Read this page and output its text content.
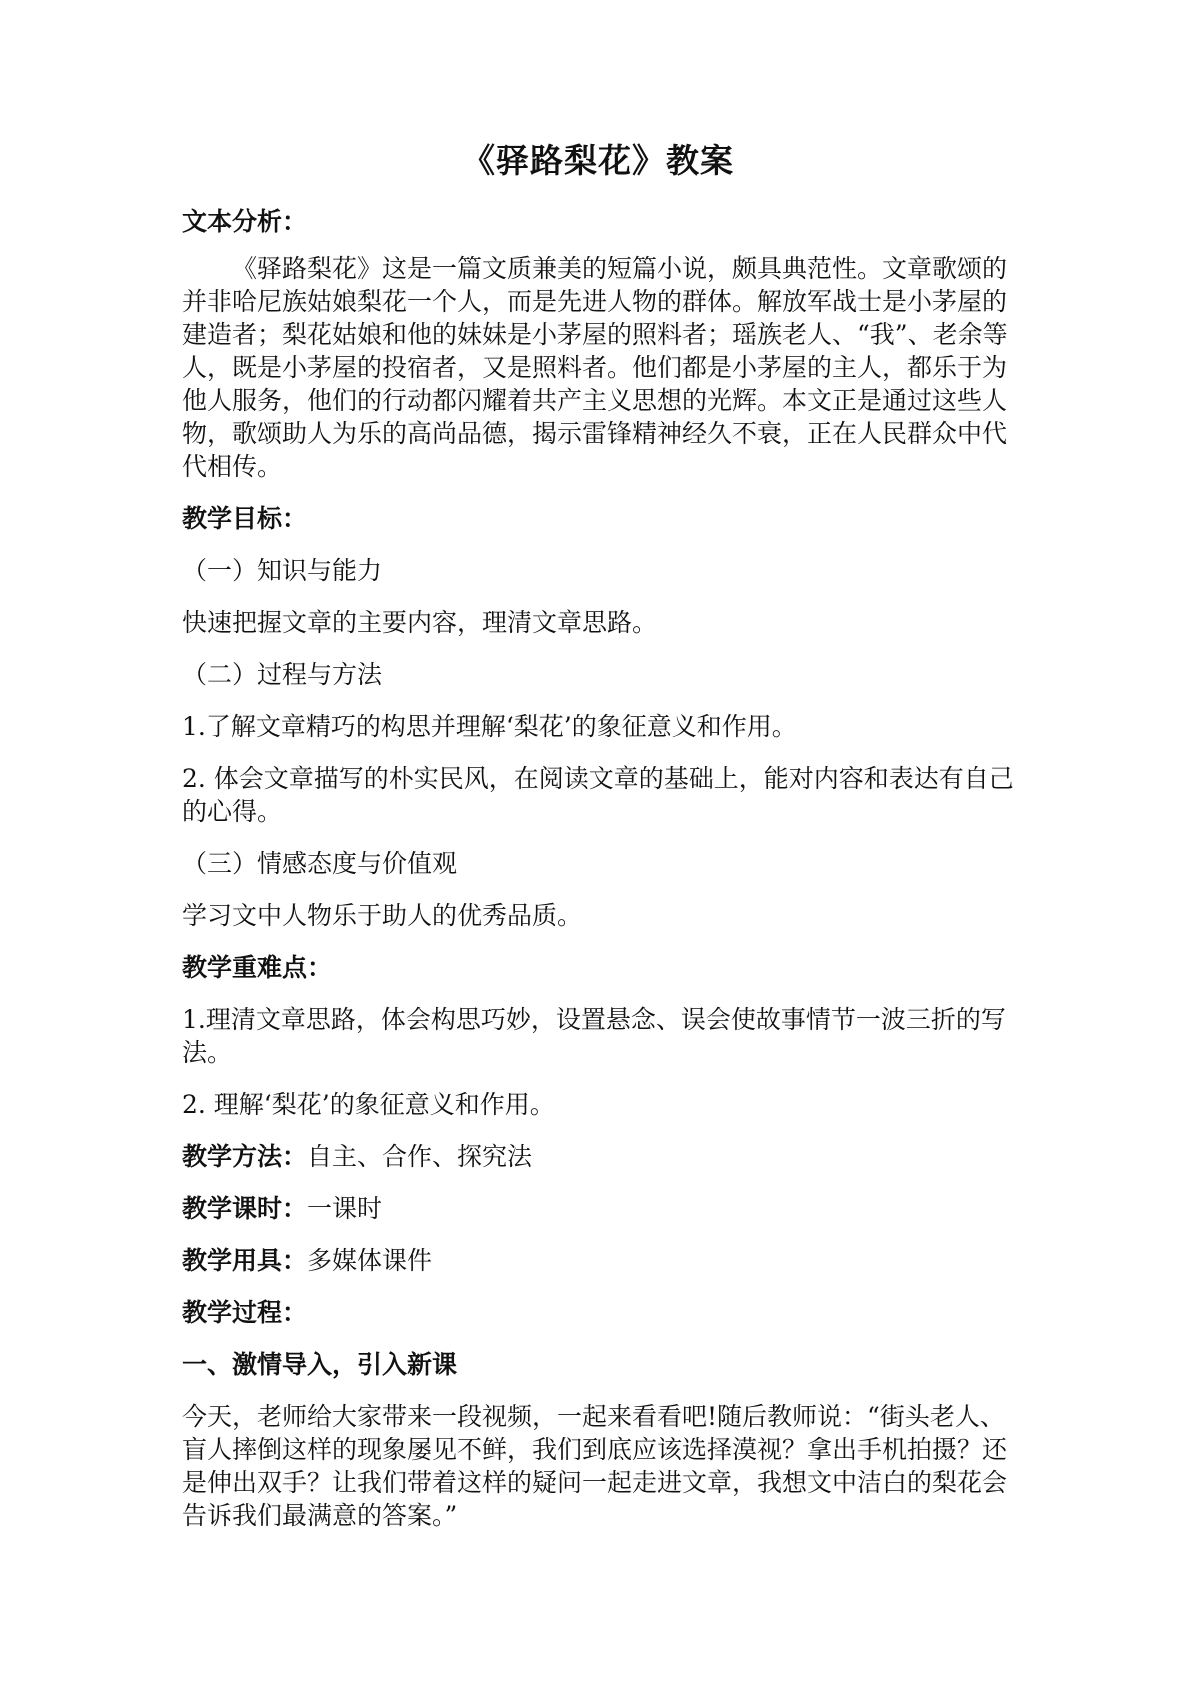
《驿路梨花》教案
文本分析：
《驿路梨花》这是一篇文质兼美的短篇小说，颇具典范性。文章歌颂的并非哈尼族姑娘梨花一个人，而是先进人物的群体。解放军战士是小茅屋的建造者；梨花姑娘和他的妹妹是小茅屋的照料者；瑶族老人、“我”、老余等人，既是小茅屋的投宿者，又是照料者。他们都是小茅屋的主人，都乐于为他人服务，他们的行动都闪耀着共产主义思想的光辉。本文正是通过这些人物，歌颂助人为乐的高尚品德，揭示雷锋精神经久不衰，正在人民群众中代代相传。
教学目标：
（一）知识与能力
快速把握文章的主要内容，理清文章思路。
（二）过程与方法
1.了解文章精巧的构思并理解‘梨花’的象征意义和作用。
2. 体会文章描写的朴实民风，在阅读文章的基础上，能对内容和表达有自己的心得。
（三）情感态度与价值观
学习文中人物乐于助人的优秀品质。
教学重难点：
1.理清文章思路，体会构思巧妙，设置悬念、误会使故事情节一波三折的写法。
2. 理解‘梨花’的象征意义和作用。
教学方法：自主、合作、探究法
教学课时：一课时
教学用具：多媒体课件
教学过程：
一、激情导入，引入新课
今天，老师给大家带来一段视频，一起来看看吧!随后教师说：“街头老人、盲人摔倒这样的现象屡见不鲜，我们到底应该选择漠视？拿出手机拍摄？还是伸出双手？让我们带着这样的疑问一起走进文章，我想文中洁白的梨花会告诉我们最满意的答案。”
